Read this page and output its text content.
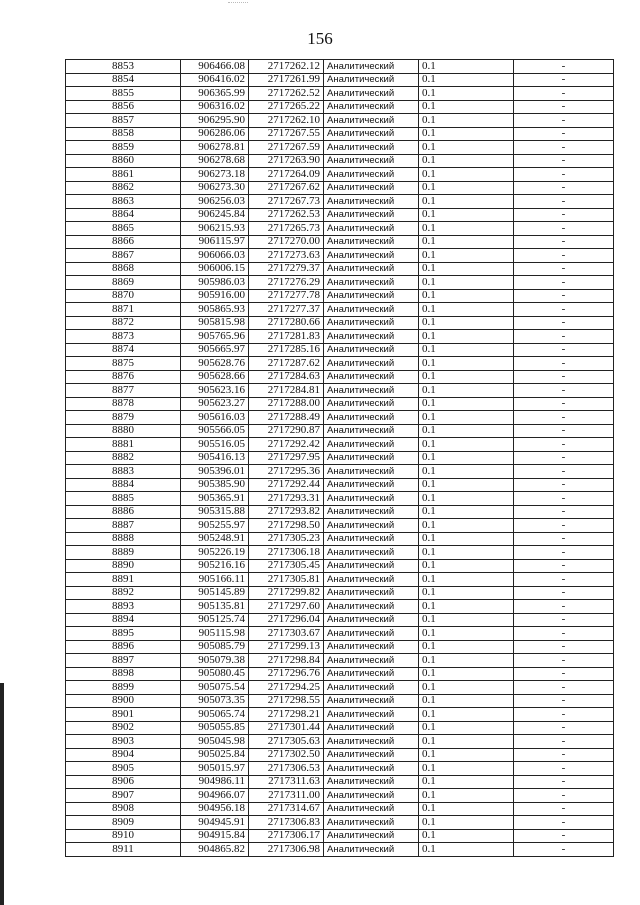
156
8853	906466.08	2717262.12	Аналитический	0.1	-
8854	906416.02	2717261.99	Аналитический	0.1	-
8855	906365.99	2717262.52	Аналитический	0.1	-
8856	906316.02	2717265.22	Аналитический	0.1	-
8857	906295.90	2717262.10	Аналитический	0.1	-
8858	906286.06	2717267.55	Аналитический	0.1	-
8859	906278.81	2717267.59	Аналитический	0.1	-
8860	906278.68	2717263.90	Аналитический	0.1	-
8861	906273.18	2717264.09	Аналитический	0.1	-
8862	906273.30	2717267.62	Аналитический	0.1	-
8863	906256.03	2717267.73	Аналитический	0.1	-
8864	906245.84	2717262.53	Аналитический	0.1	-
8865	906215.93	2717265.73	Аналитический	0.1	-
8866	906115.97	2717270.00	Аналитический	0.1	-
8867	906066.03	2717273.63	Аналитический	0.1	-
8868	906006.15	2717279.37	Аналитический	0.1	-
8869	905986.03	2717276.29	Аналитический	0.1	-
8870	905916.00	2717277.78	Аналитический	0.1	-
8871	905865.93	2717277.37	Аналитический	0.1	-
8872	905815.98	2717280.66	Аналитический	0.1	-
8873	905765.96	2717281.83	Аналитический	0.1	-
8874	905665.97	2717285.16	Аналитический	0.1	-
8875	905628.76	2717287.62	Аналитический	0.1	-
8876	905628.66	2717284.63	Аналитический	0.1	-
8877	905623.16	2717284.81	Аналитический	0.1	-
8878	905623.27	2717288.00	Аналитический	0.1	-
8879	905616.03	2717288.49	Аналитический	0.1	-
8880	905566.05	2717290.87	Аналитический	0.1	-
8881	905516.05	2717292.42	Аналитический	0.1	-
8882	905416.13	2717297.95	Аналитический	0.1	-
8883	905396.01	2717295.36	Аналитический	0.1	-
8884	905385.90	2717292.44	Аналитический	0.1	-
8885	905365.91	2717293.31	Аналитический	0.1	-
8886	905315.88	2717293.82	Аналитический	0.1	-
8887	905255.97	2717298.50	Аналитический	0.1	-
8888	905248.91	2717305.23	Аналитический	0.1	-
8889	905226.19	2717306.18	Аналитический	0.1	-
8890	905216.16	2717305.45	Аналитический	0.1	-
8891	905166.11	2717305.81	Аналитический	0.1	-
8892	905145.89	2717299.82	Аналитический	0.1	-
8893	905135.81	2717297.60	Аналитический	0.1	-
8894	905125.74	2717296.04	Аналитический	0.1	-
8895	905115.98	2717303.67	Аналитический	0.1	-
8896	905085.79	2717299.13	Аналитический	0.1	-
8897	905079.38	2717298.84	Аналитический	0.1	-
8898	905080.45	2717296.76	Аналитический	0.1	-
8899	905075.54	2717294.25	Аналитический	0.1	-
8900	905073.35	2717298.55	Аналитический	0.1	-
8901	905065.74	2717298.21	Аналитический	0.1	-
8902	905055.85	2717301.44	Аналитический	0.1	-
8903	905045.98	2717305.63	Аналитический	0.1	-
8904	905025.84	2717302.50	Аналитический	0.1	-
8905	905015.97	2717306.53	Аналитический	0.1	-
8906	904986.11	2717311.63	Аналитический	0.1	-
8907	904966.07	2717311.00	Аналитический	0.1	-
8908	904956.18	2717314.67	Аналитический	0.1	-
8909	904945.91	2717306.83	Аналитический	0.1	-
8910	904915.84	2717306.17	Аналитический	0.1	-
8911	904865.82	2717306.98	Аналитический	0.1	-
